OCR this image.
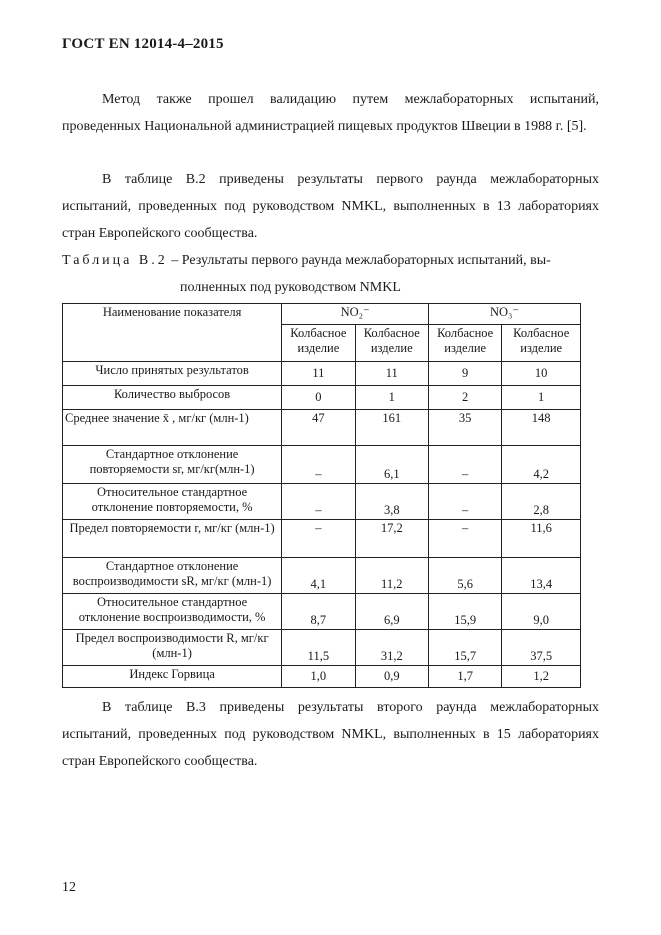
ГОСТ EN 12014-4–2015

Метод также прошел валидацию путем межлабораторных испытаний, проведенных Национальной администрацией пищевых продуктов Швеции в 1988 г. [5].

В таблице В.2 приведены результаты первого раунда межлабораторных испытаний, проведенных под руководством NMKL, выполненных в 13 лабораториях стран Европейского сообщества.

Таблица В.2 – Результаты первого раунда межлабораторных испытаний, вы-
полненных под руководством NMKL
Наименование показателя	NO₂⁻		NO₃⁻	
	Колбасное изделие	Колбасное изделие	Колбасное изделие	Колбасное изделие
Число принятых результатов	11	11	9	10
Количество выбросов	0	1	2	1
Среднее значение x̄ , мг/кг (млн-1)	47	161	35	148
Стандартное отклонение повторяемости sr, мг/кг(млн-1)	–	6,1	–	4,2
Относительное стандартное отклонение повторяемости, %	–	3,8	–	2,8
Предел повторяемости r, мг/кг (млн-1)	–	17,2	–	11,6
Стандартное отклонение воспроизводимости sR, мг/кг (млн-1)	4,1	11,2	5,6	13,4
Относительное стандартное отклонение воспроизводимости, %	8,7	6,9	15,9	9,0
Предел воспроизводимости R, мг/кг (млн-1)	11,5	31,2	15,7	37,5
Индекс Горвица	1,0	0,9	1,7	1,2

В таблице В.3 приведены результаты второго раунда межлабораторных испытаний, проведенных под руководством NMKL, выполненных в 15 лабораториях стран Европейского сообщества.

12
